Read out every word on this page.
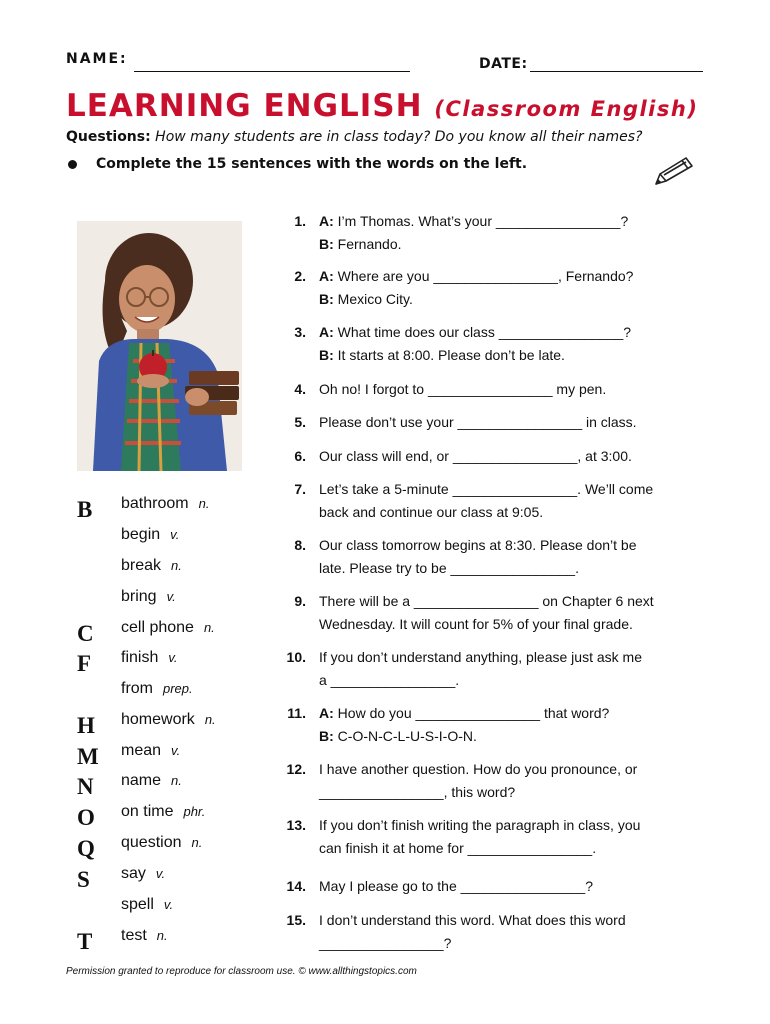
NAME:	DATE:
LEARNING ENGLISH (Classroom English)
Questions: How many students are in class today? Do you know all their names?
Complete the 15 sentences with the words on the left.
B	bathroom n.
begin v.
break n.
bring v.
C	cell phone n.
F	finish v.
from prep.
H	homework n.
M mean v.
N	name n.
O	on time phr.
Q	question n.
S	say v.
spell v.
T	test n.
1. A: I’m Thomas. What’s your ________________?
B: Fernando.
2. A: Where are you ________________, Fernando?
B: Mexico City.
3. A: What time does our class ________________?
B: It starts at 8:00. Please don’t be late.
4. Oh no! I forgot to ________________ my pen.
5. Please don’t use your ________________ in class.
6. Our class will end, or ________________, at 3:00.
7. Let’s take a 5-minute ________________. We’ll come
back and continue our class at 9:05.
8. Our class tomorrow begins at 8:30. Please don’t be
late. Please try to be ________________.
9. There will be a ________________ on Chapter 6 next
Wednesday. It will count for 5% of your final grade.
10. If you don’t understand anything, please just ask me
a ________________.
11. A: How do you ________________ that word?
B: C-O-N-C-L-U-S-I-O-N.
12. I have another question. How do you pronounce, or
________________, this word?
13. If you don’t finish writing the paragraph in class, you
can finish it at home for ________________.
14. May I please go to the ________________?
15. I don’t understand this word. What does this word
________________?
Permission granted to reproduce for classroom use. © www.allthingstopics.com
